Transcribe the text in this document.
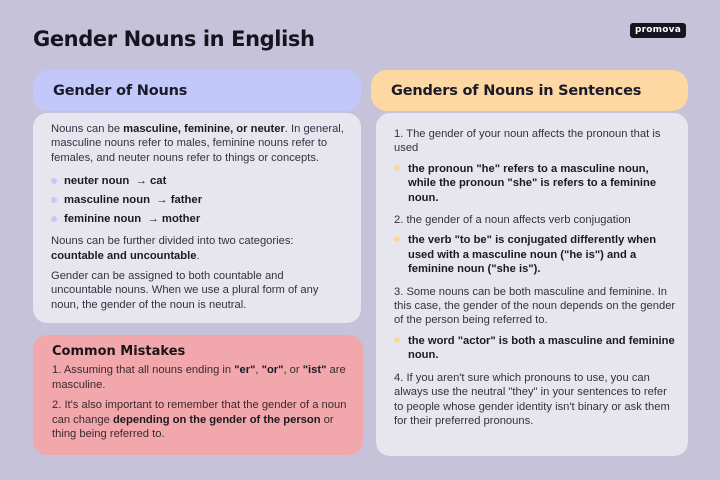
Gender Nouns in English	promova
Gender of Nouns	Genders of Nouns in Sentences

Nouns can be masculine, feminine, or neuter. In general, masculine nouns refer to males, feminine nouns refer to females, and neuter nouns refer to things or concepts.

neuter noun
→
cat
masculine noun
→
father
feminine noun
→
mother

Nouns can be further divided into two categories: countable and uncountable.

Gender can be assigned to both countable and uncountable nouns. When we use a plural form of any noun, the gender of the noun is neutral.

Common Mistakes

1. Assuming that all nouns ending in "er", "or", or "ist" are masculine.

2. It's also important to remember that the gender of a noun can change depending on the gender of the person or thing being referred to.

1. The gender of your noun affects the pronoun that is used

the pronoun "he" refers to a masculine noun, while the pronoun "she" is refers to a feminine noun.

2. the gender of a noun affects verb conjugation

the verb "to be" is conjugated differently when used with a masculine noun ("he is") and a feminine noun ("she is").

3. Some nouns can be both masculine and feminine. In this case, the gender of the noun depends on the gender of the person being referred to.

the word "actor" is both a masculine and feminine noun.

4. If you aren't sure which pronouns to use, you can always use the neutral "they" in your sentences to refer to people whose gender identity isn't binary or ask them for their preferred pronouns.
